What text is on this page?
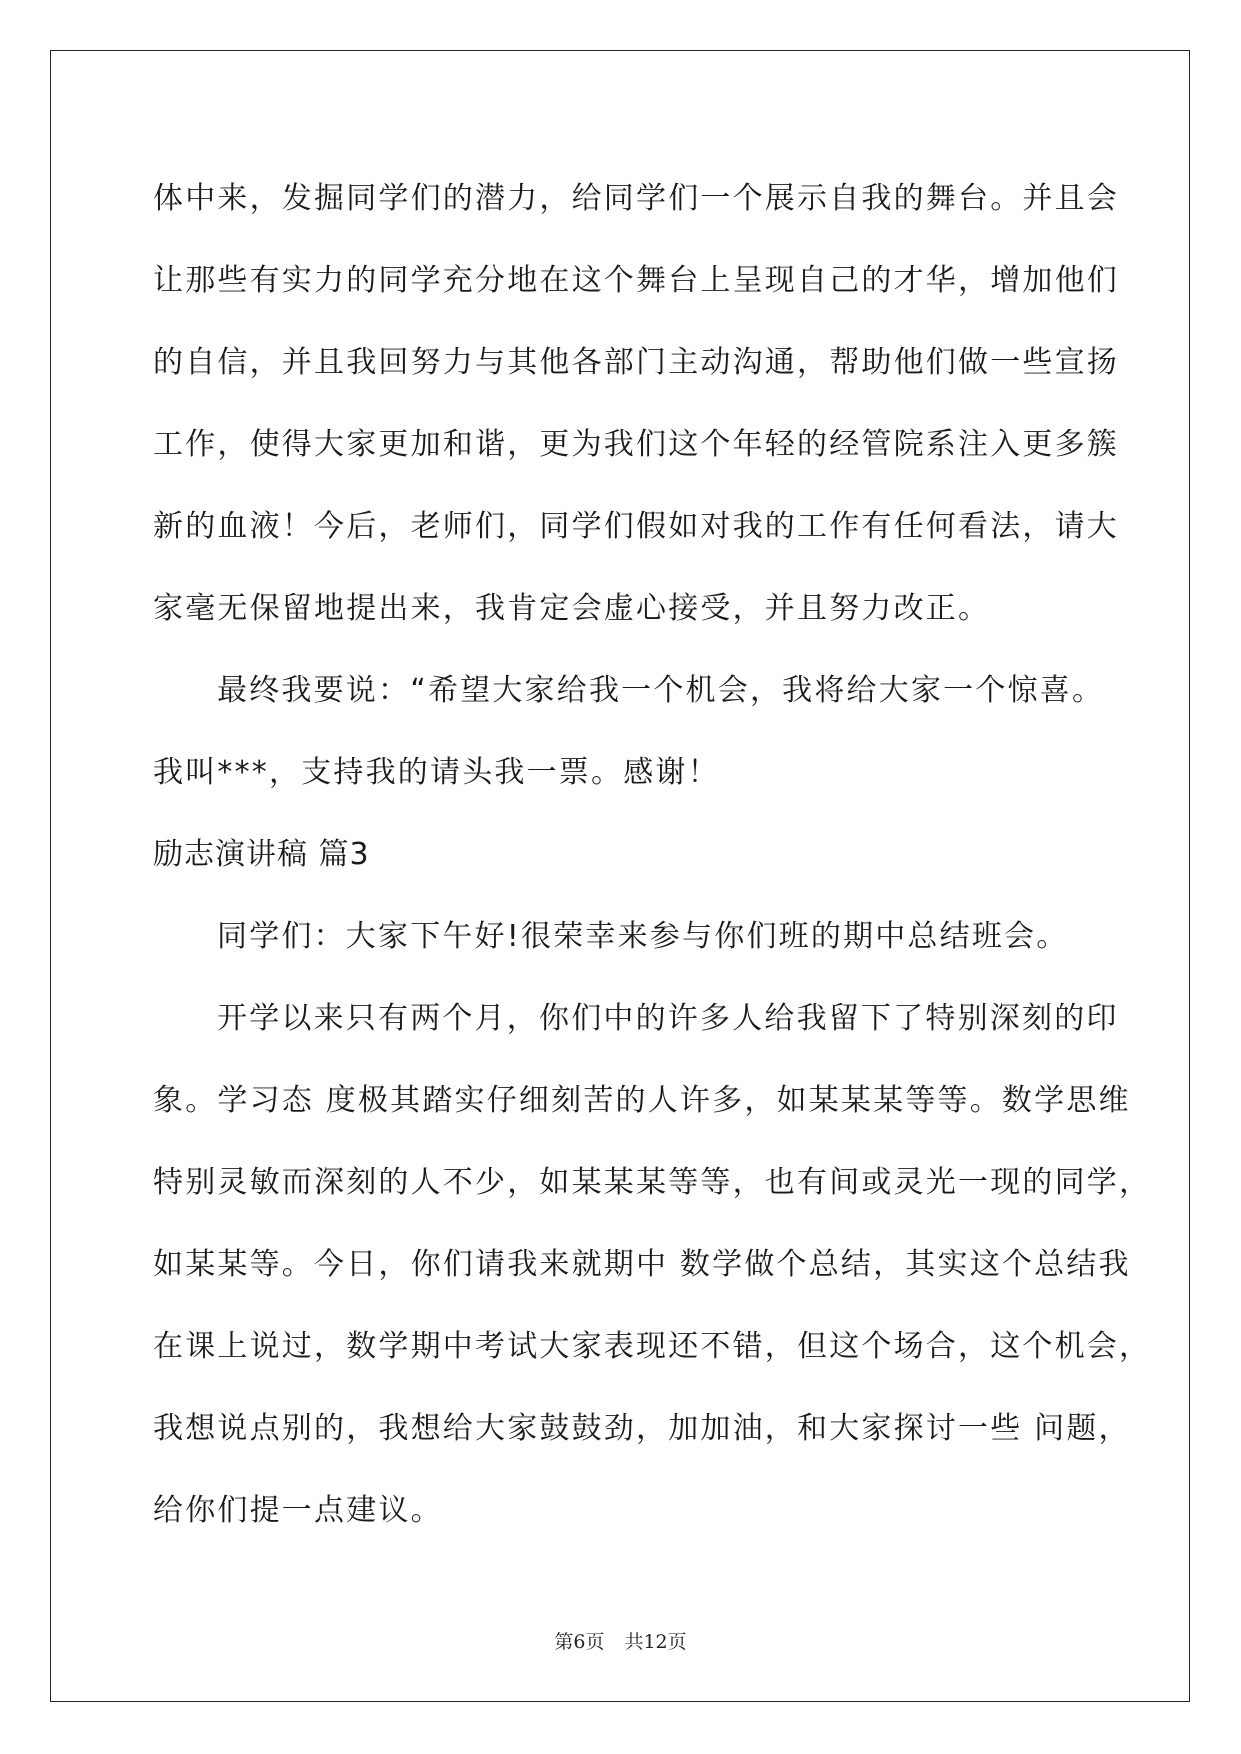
体中来，发掘同学们的潜力，给同学们一个展示自我的舞台。并且会
让那些有实力的同学充分地在这个舞台上呈现自己的才华，增加他们
的自信，并且我回努力与其他各部门主动沟通，帮助他们做一些宣扬
工作，使得大家更加和谐，更为我们这个年轻的经管院系注入更多簇
新的血液！今后，老师们，同学们假如对我的工作有任何看法，请大
家毫无保留地提出来，我肯定会虚心接受，并且努力改正。
最终我要说：“希望大家给我一个机会，我将给大家一个惊喜。
我叫***，支持我的请头我一票。感谢！
励志演讲稿 篇3
同学们：大家下午好!很荣幸来参与你们班的期中总结班会。
开学以来只有两个月，你们中的许多人给我留下了特别深刻的印
象。学习态 度极其踏实仔细刻苦的人许多，如某某某等等。数学思维
特别灵敏而深刻的人不少，如某某某等等，也有间或灵光一现的同学，
如某某等。今日，你们请我来就期中 数学做个总结，其实这个总结我
在课上说过，数学期中考试大家表现还不错，但这个场合，这个机会，
我想说点别的，我想给大家鼓鼓劲，加加油，和大家探讨一些 问题，
给你们提一点建议。
第6页 共12页
